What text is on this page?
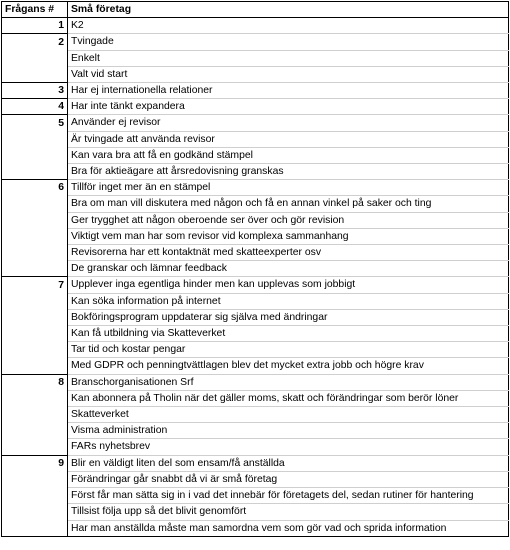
Frågans #	Små företag
1	K2
2	Tvingade
	Enkelt
	Valt vid start
3	Har ej internationella relationer
4	Har inte tänkt expandera
5	Använder ej revisor
	Är tvingade att använda revisor
	Kan vara bra att få en godkänd stämpel
	Bra för aktieägare att årsredovisning granskas
6	Tillför inget mer än en stämpel
	Bra om man vill diskutera med någon och få en annan vinkel på saker och ting
	Ger trygghet att någon oberoende ser över och gör revision
	Viktigt vem man har som revisor vid komplexa sammanhang
	Revisorerna har ett kontaktnät med skatteexperter osv
	De granskar och lämnar feedback
7	Upplever inga egentliga hinder men kan upplevas som jobbigt
	Kan söka information på internet
	Bokföringsprogram uppdaterar sig själva med ändringar
	Kan få utbildning via Skatteverket
	Tar tid och kostar pengar
	Med GDPR och penningtvättlagen blev det mycket extra jobb och högre krav
8	Branschorganisationen Srf
	Kan abonnera på Tholin när det gäller moms, skatt och förändringar som berör löner
	Skatteverket
	Visma administration
	FARs nyhetsbrev
9	Blir en väldigt liten del som ensam/få anställda
	Förändringar går snabbt då vi är små företag
	Först får man sätta sig in i vad det innebär för företagets del, sedan rutiner för hantering
	Tillsist följa upp så det blivit genomfört
	Har man anställda måste man samordna vem som gör vad och sprida information
